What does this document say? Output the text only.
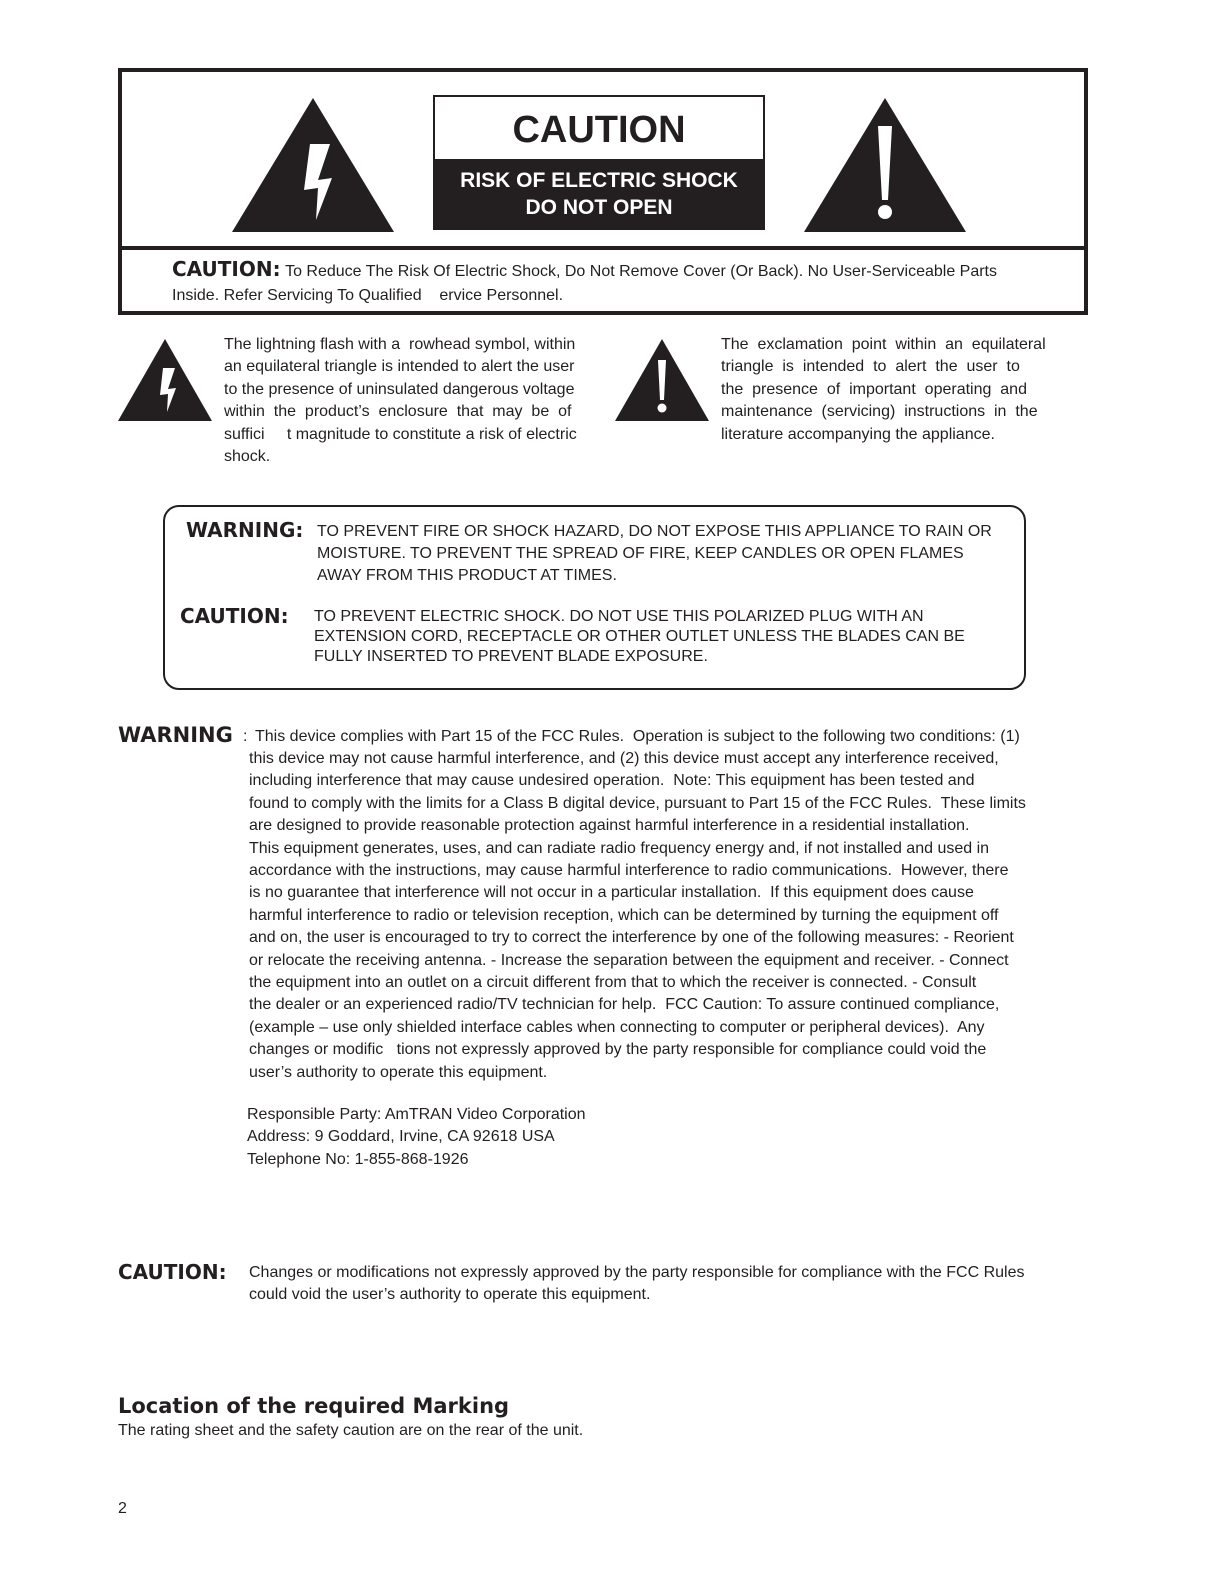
CAUTION
RISK OF ELECTRIC SHOCK
DO NOT OPEN
CAUTION: To Reduce The Risk Of Electric Shock, Do Not Remove Cover (Or Back). No User-Serviceable Parts
Inside. Refer Servicing To Qualified    ervice Personnel.
The lightning flash with a  rowhead symbol, within
an equilateral triangle is intended to alert the user
to the presence of uninsulated dangerous voltage
within  the  product’s  enclosure  that  may  be  of
suffici     t magnitude to constitute a risk of electric
shock.
The  exclamation  point  within  an  equilateral
triangle  is  intended  to  alert  the  user  to
the  presence  of  important  operating  and
maintenance  (servicing)  instructions  in  the
literature accompanying the appliance.
WARNING: TO PREVENT FIRE OR SHOCK HAZARD, DO NOT EXPOSE THIS APPLIANCE TO RAIN OR
MOISTURE. TO PREVENT THE SPREAD OF FIRE, KEEP CANDLES OR OPEN FLAMES
AWAY FROM THIS PRODUCT AT TIMES.
CAUTION: TO PREVENT ELECTRIC SHOCK. DO NOT USE THIS POLARIZED PLUG WITH AN
EXTENSION CORD, RECEPTACLE OR OTHER OUTLET UNLESS THE BLADES CAN BE
FULLY INSERTED TO PREVENT BLADE EXPOSURE.
WARNING : This device complies with Part 15 of the FCC Rules.  Operation is subject to the following two conditions: (1)
this device may not cause harmful interference, and (2) this device must accept any interference received,
including interference that may cause undesired operation.  Note: This equipment has been tested and
found to comply with the limits for a Class B digital device, pursuant to Part 15 of the FCC Rules.  These limits
are designed to provide reasonable protection against harmful interference in a residential installation.
This equipment generates, uses, and can radiate radio frequency energy and, if not installed and used in
accordance with the instructions, may cause harmful interference to radio communications.  However, there
is no guarantee that interference will not occur in a particular installation.  If this equipment does cause
harmful interference to radio or television reception, which can be determined by turning the equipment off
and on, the user is encouraged to try to correct the interference by one of the following measures: - Reorient
or relocate the receiving antenna. - Increase the separation between the equipment and receiver. - Connect
the equipment into an outlet on a circuit different from that to which the receiver is connected. - Consult
the dealer or an experienced radio/TV technician for help.  FCC Caution: To assure continued compliance,
(example – use only shielded interface cables when connecting to computer or peripheral devices).  Any
changes or modific   tions not expressly approved by the party responsible for compliance could void the
user’s authority to operate this equipment.
Responsible Party: AmTRAN Video Corporation
Address: 9 Goddard, Irvine, CA 92618 USA
Telephone No: 1-855-868-1926
CAUTION: Changes or modifications not expressly approved by the party responsible for compliance with the FCC Rules
could void the user’s authority to operate this equipment.
Location of the required Marking
The rating sheet and the safety caution are on the rear of the unit.
2
